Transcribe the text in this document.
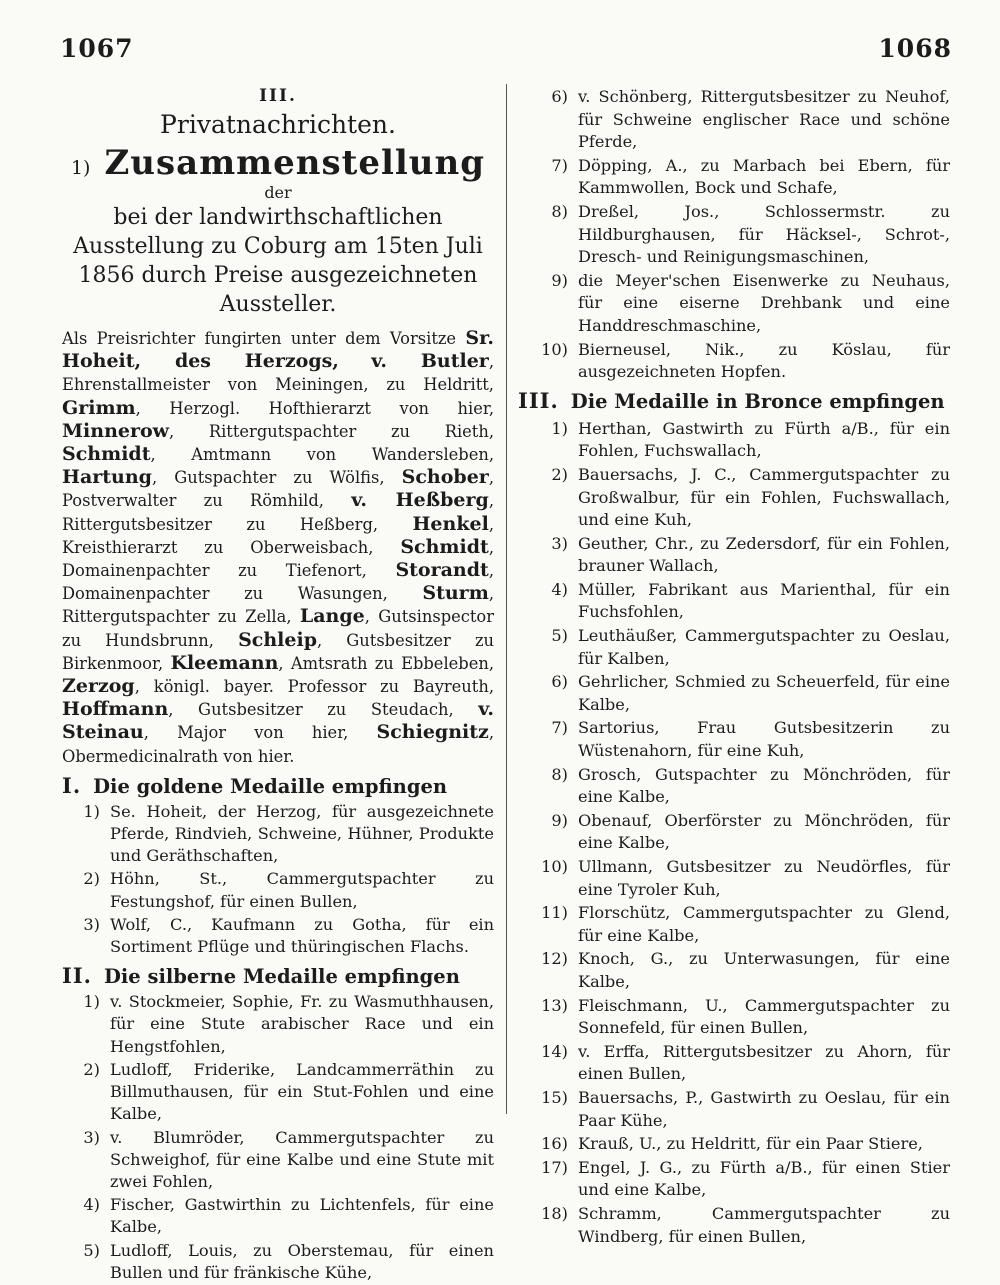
1067	1068
III.
Privatnachrichten.
1) Zusammenstellung
der
bei der landwirthschaftlichen Ausstellung zu Coburg am 15ten Juli 1856 durch Preise ausgezeichneten Aussteller.

Als Preisrichter fungirten unter dem Vorsitze Sr. Hoheit, des Herzogs, v. Butler, Ehrenstallmeister von Meiningen, zu Heldritt, Grimm, Herzogl. Hofthierarzt von hier, Minnerow, Rittergutspachter zu Rieth, Schmidt, Amtmann von Wandersleben, Hartung, Gutspachter zu Wölfis, Schober, Postverwalter zu Römhild, v. Heßberg, Rittergutsbesitzer zu Heßberg, Henkel, Kreisthierarzt zu Oberweisbach, Schmidt, Domainenpachter zu Tiefenort, Storandt, Domainenpachter zu Wasungen, Sturm, Rittergutspachter zu Zella, Lange, Gutsinspector zu Hundsbrunn, Schleip, Gutsbesitzer zu Birkenmoor, Kleemann, Amtsrath zu Ebbeleben, Zerzog, königl. bayer. Professor zu Bayreuth, Hoffmann, Gutsbesitzer zu Steudach, v. Steinau, Major von hier, Schiegnitz, Obermedicinalrath von hier.

I. Die goldene Medaille empfingen
1) Se. Hoheit, der Herzog, für ausgezeichnete Pferde, Rindvieh, Schweine, Hühner, Produkte und Geräthschaften,
2) Höhn, St., Cammergutspachter zu Festungshof, für einen Bullen,
3) Wolf, C., Kaufmann zu Gotha, für ein Sortiment Pflüge und thüringischen Flachs.
II. Die silberne Medaille empfingen
1) v. Stockmeier, Sophie, Fr. zu Wasmuthhausen, für eine Stute arabischer Race und ein Hengstfohlen,
2) Ludloff, Friderike, Landcammerräthin zu Billmuthausen, für ein Stut-Fohlen und eine Kalbe,
3) v. Blumröder, Cammergutspachter zu Schweighof, für eine Kalbe und eine Stute mit zwei Fohlen,
4) Fischer, Gastwirthin zu Lichtenfels, für eine Kalbe,
5) Ludloff, Louis, zu Oberstemau, für einen Bullen und für fränkische Kühe,
6) v. Schönberg, Rittergutsbesitzer zu Neuhof, für Schweine englischer Race und schöne Pferde,
7) Döpping, A., zu Marbach bei Ebern, für Kammwollen, Bock und Schafe,
8) Dreßel, Jos., Schlossermstr. zu Hildburghausen, für Häcksel-, Schrot-, Dresch- und Reinigungsmaschinen,
9) die Meyer'schen Eisenwerke zu Neuhaus, für eine eiserne Drehbank und eine Handdreschmaschine,
10) Bierneusel, Nik., zu Köslau, für ausgezeichneten Hopfen.
III. Die Medaille in Bronce empfingen
1) Herthan, Gastwirth zu Fürth a/B., für ein Fohlen, Fuchswallach,
2) Bauersachs, J. C., Cammergutspachter zu Großwalbur, für ein Fohlen, Fuchswallach, und eine Kuh,
3) Geuther, Chr., zu Zedersdorf, für ein Fohlen, brauner Wallach,
4) Müller, Fabrikant aus Marienthal, für ein Fuchsfohlen,
5) Leuthäußer, Cammergutspachter zu Oeslau, für Kalben,
6) Gehrlicher, Schmied zu Scheuerfeld, für eine Kalbe,
7) Sartorius, Frau Gutsbesitzerin zu Wüstenahorn, für eine Kuh,
8) Grosch, Gutspachter zu Mönchröden, für eine Kalbe,
9) Obenauf, Oberförster zu Mönchröden, für eine Kalbe,
10) Ullmann, Gutsbesitzer zu Neudörfles, für eine Tyroler Kuh,
11) Florschütz, Cammergutspachter zu Glend, für eine Kalbe,
12) Knoch, G., zu Unterwasungen, für eine Kalbe,
13) Fleischmann, U., Cammergutspachter zu Sonnefeld, für einen Bullen,
14) v. Erffa, Rittergutsbesitzer zu Ahorn, für einen Bullen,
15) Bauersachs, P., Gastwirth zu Oeslau, für ein Paar Kühe,
16) Krauß, U., zu Heldritt, für ein Paar Stiere,
17) Engel, J. G., zu Fürth a/B., für einen Stier und eine Kalbe,
18) Schramm, Cammergutspachter zu Windberg, für einen Bullen,
